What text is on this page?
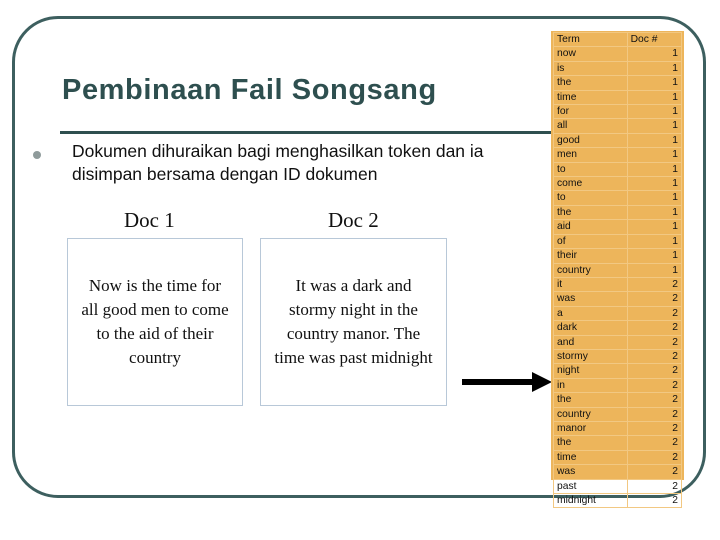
Pembinaan Fail Songsang
Dokumen dihuraikan bagi menghasilkan token dan ia disimpan bersama dengan ID dokumen
Doc 1	Doc 2
Now is the time for all good men to come to the aid of their country
It was a dark and stormy night in the country manor. The time was past midnight
Term	Doc #
now	1
is	1
the	1
time	1
for	1
all	1
good	1
men	1
to	1
come	1
to	1
the	1
aid	1
of	1
their	1
country	1
it	2
was	2
a	2
dark	2
and	2
stormy	2
night	2
in	2
the	2
country	2
manor	2
the	2
time	2
was	2
past	2
midnight	2
